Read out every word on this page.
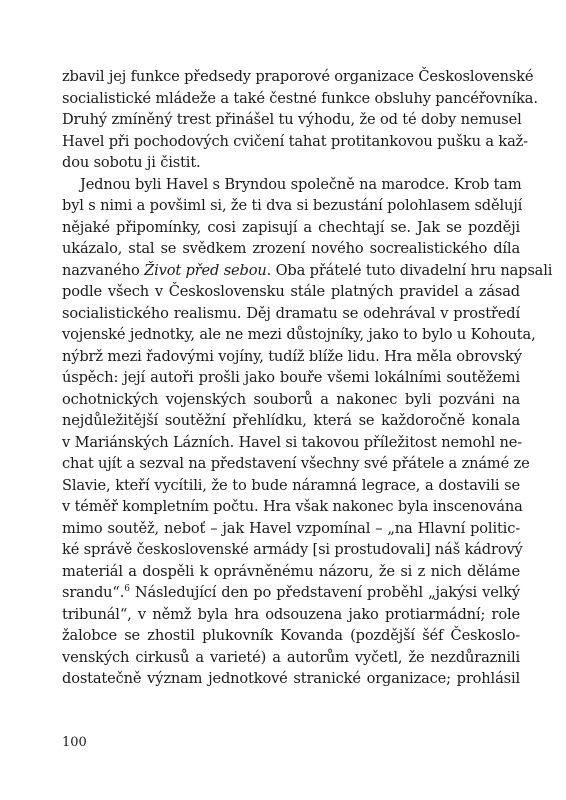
zbavil jej funkce předsedy praporové organizace Československé
socialistické mládeže a také čestné funkce obsluhy pancéřovníka.
Druhý zmíněný trest přinášel tu výhodu, že od té doby nemusel
Havel při pochodových cvičení tahat protitankovou pušku a kaž-
dou sobotu ji čistit.
Jednou byli Havel s Bryndou společně na marodce. Krob tam
byl s nimi a povšiml si, že ti dva si bezustání polohlasem sdělují
nějaké připomínky, cosi zapisují a chechtají se. Jak se později
ukázalo, stal se svědkem zrození nového socrealistického díla
nazvaného Život před sebou. Oba přátelé tuto divadelní hru napsali
podle všech v Československu stále platných pravidel a zásad
socialistického realismu. Děj dramatu se odehrával v prostředí
vojenské jednotky, ale ne mezi důstojníky, jako to bylo u Kohouta,
nýbrž mezi řadovými vojíny, tudíž blíže lidu. Hra měla obrovský
úspěch: její autoři prošli jako bouře všemi lokálními soutěžemi
ochotnických vojenských souborů a nakonec byli pozváni na
nejdůležitější soutěžní přehlídku, která se každoročně konala
v Mariánských Lázních. Havel si takovou příležitost nemohl ne-
chat ujít a sezval na představení všechny své přátele a známé ze
Slavie, kteří vycítili, že to bude náramná legrace, a dostavili se
v téměř kompletním počtu. Hra však nakonec byla inscenována
mimo soutěž, neboť – jak Havel vzpomínal – „na Hlavní politic-
ké správě československé armády [si prostudovali] náš kádrový
materiál a dospěli k oprávněnému názoru, že si z nich děláme
srandu“.$^6$ Následující den po představení proběhl „jakýsi velký
tribunál“, v němž byla hra odsouzena jako protiarmádní; role
žalobce se zhostil plukovník Kovanda (pozdější šéf Českoslo-
venských cirkusů a varieté) a autorům vyčetl, že nezdůraznili
dostatečně význam jednotkové stranické organizace; prohlásil
100
